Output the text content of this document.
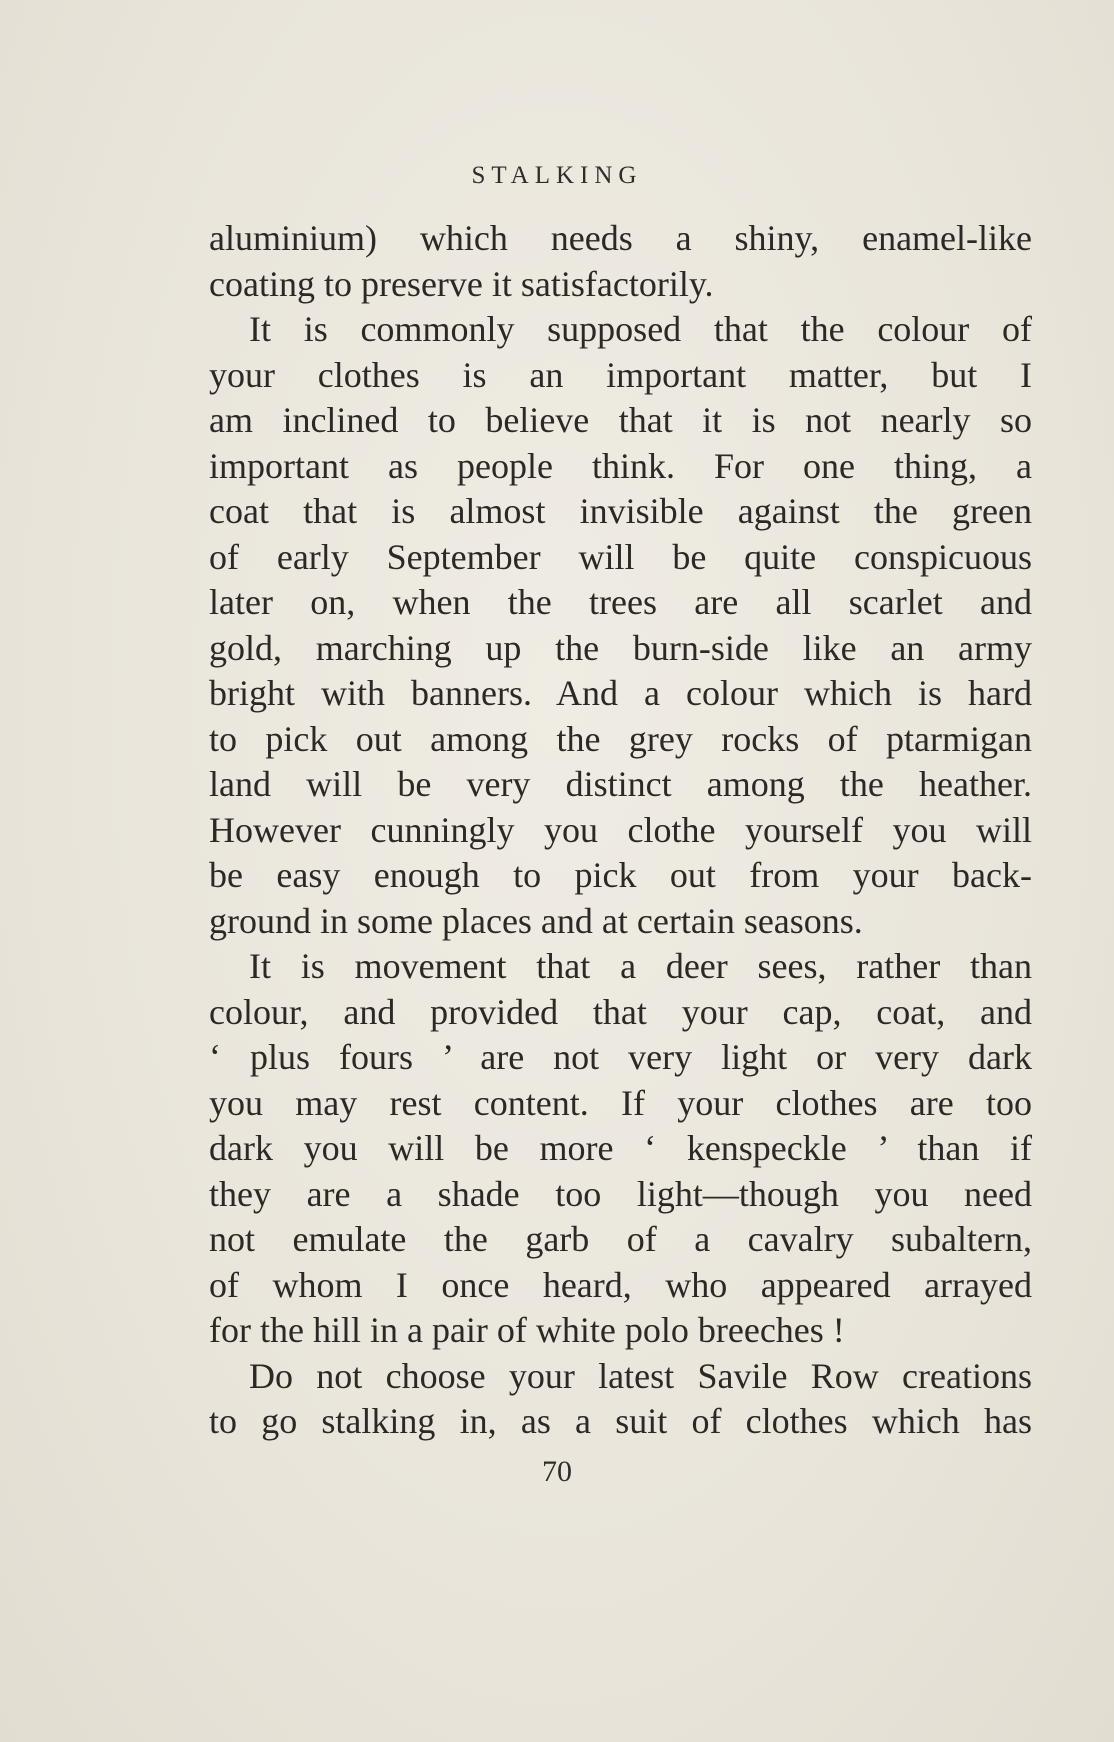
STALKING
aluminium) which needs a shiny, enamel-like
coating to preserve it satisfactorily.
It is commonly supposed that the colour of
your clothes is an important matter, but I
am inclined to believe that it is not nearly so
important as people think. For one thing, a
coat that is almost invisible against the green
of early September will be quite conspicuous
later on, when the trees are all scarlet and
gold, marching up the burn-side like an army
bright with banners. And a colour which is hard
to pick out among the grey rocks of ptarmigan
land will be very distinct among the heather.
However cunningly you clothe yourself you will
be easy enough to pick out from your back-
ground in some places and at certain seasons.
It is movement that a deer sees, rather than
colour, and provided that your cap, coat, and
‘ plus fours ’ are not very light or very dark
you may rest content. If your clothes are too
dark you will be more ‘ kenspeckle ’ than if
they are a shade too light—though you need
not emulate the garb of a cavalry subaltern,
of whom I once heard, who appeared arrayed
for the hill in a pair of white polo breeches !
Do not choose your latest Savile Row creations
to go stalking in, as a suit of clothes which has
70
